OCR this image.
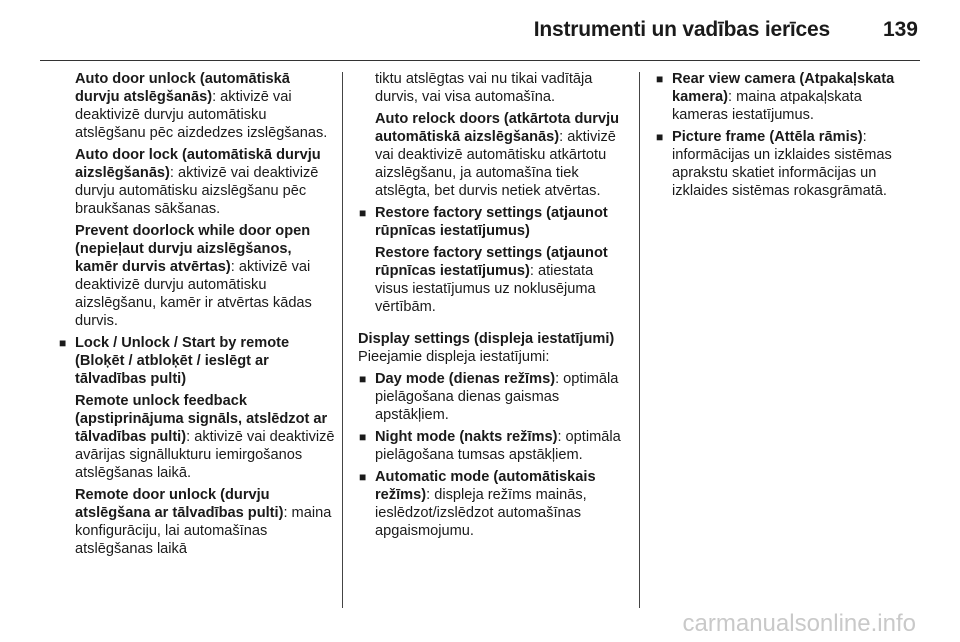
Instrumenti un vadības ierīces	139
Auto door unlock (automātiskā durvju atslēgšanās): aktivizē vai deaktivizē durvju automātisku atslēgšanu pēc aizdedzes izslēgšanas.
Auto door lock (automātiskā durvju aizslēgšanās): aktivizē vai deaktivizē durvju automātisku aizslēgšanu pēc braukšanas sākšanas.
Prevent doorlock while door open (nepieļaut durvju aizslēgšanos, kamēr durvis atvērtas): aktivizē vai deaktivizē durvju automātisku aizslēgšanu, kamēr ir atvērtas kādas durvis.
■ Lock / Unlock / Start by remote (Bloķēt / atbloķēt / ieslēgt ar tālvadības pulti)
Remote unlock feedback (apstiprinājuma signāls, atslēdzot ar tālvadības pulti): aktivizē vai deaktivizē avārijas signāllukturu iemirgošanos atslēgšanas laikā.
Remote door unlock (durvju atslēgšana ar tālvadības pulti): maina konfigurāciju, lai automašīnas atslēgšanas laikā
tiktu atslēgtas vai nu tikai vadītāja durvis, vai visa automašīna.
Auto relock doors (atkārtota durvju automātiskā aizslēgšanās): aktivizē vai deaktivizē automātisku atkārtotu aizslēgšanu, ja automašīna tiek atslēgta, bet durvis netiek atvērtas.
■ Restore factory settings (atjaunot rūpnīcas iestatījumus)
Restore factory settings (atjaunot rūpnīcas iestatījumus): atiestata visus iestatījumus uz noklusējuma vērtībām.
Display settings (displeja iestatījumi)
Pieejamie displeja iestatījumi:
■ Day mode (dienas režīms): optimāla pielāgošana dienas gaismas apstākļiem.
■ Night mode (nakts režīms): optimāla pielāgošana tumsas apstākļiem.
■ Automatic mode (automātiskais režīms): displeja režīms mainās, ieslēdzot/izslēdzot automašīnas apgaismojumu.
■ Rear view camera (Atpakaļskata kamera): maina atpakaļskata kameras iestatījumus.
■ Picture frame (Attēla rāmis): informācijas un izklaides sistēmas aprakstu skatiet informācijas un izklaides sistēmas rokasgrāmatā.
carmanualsonline.info
